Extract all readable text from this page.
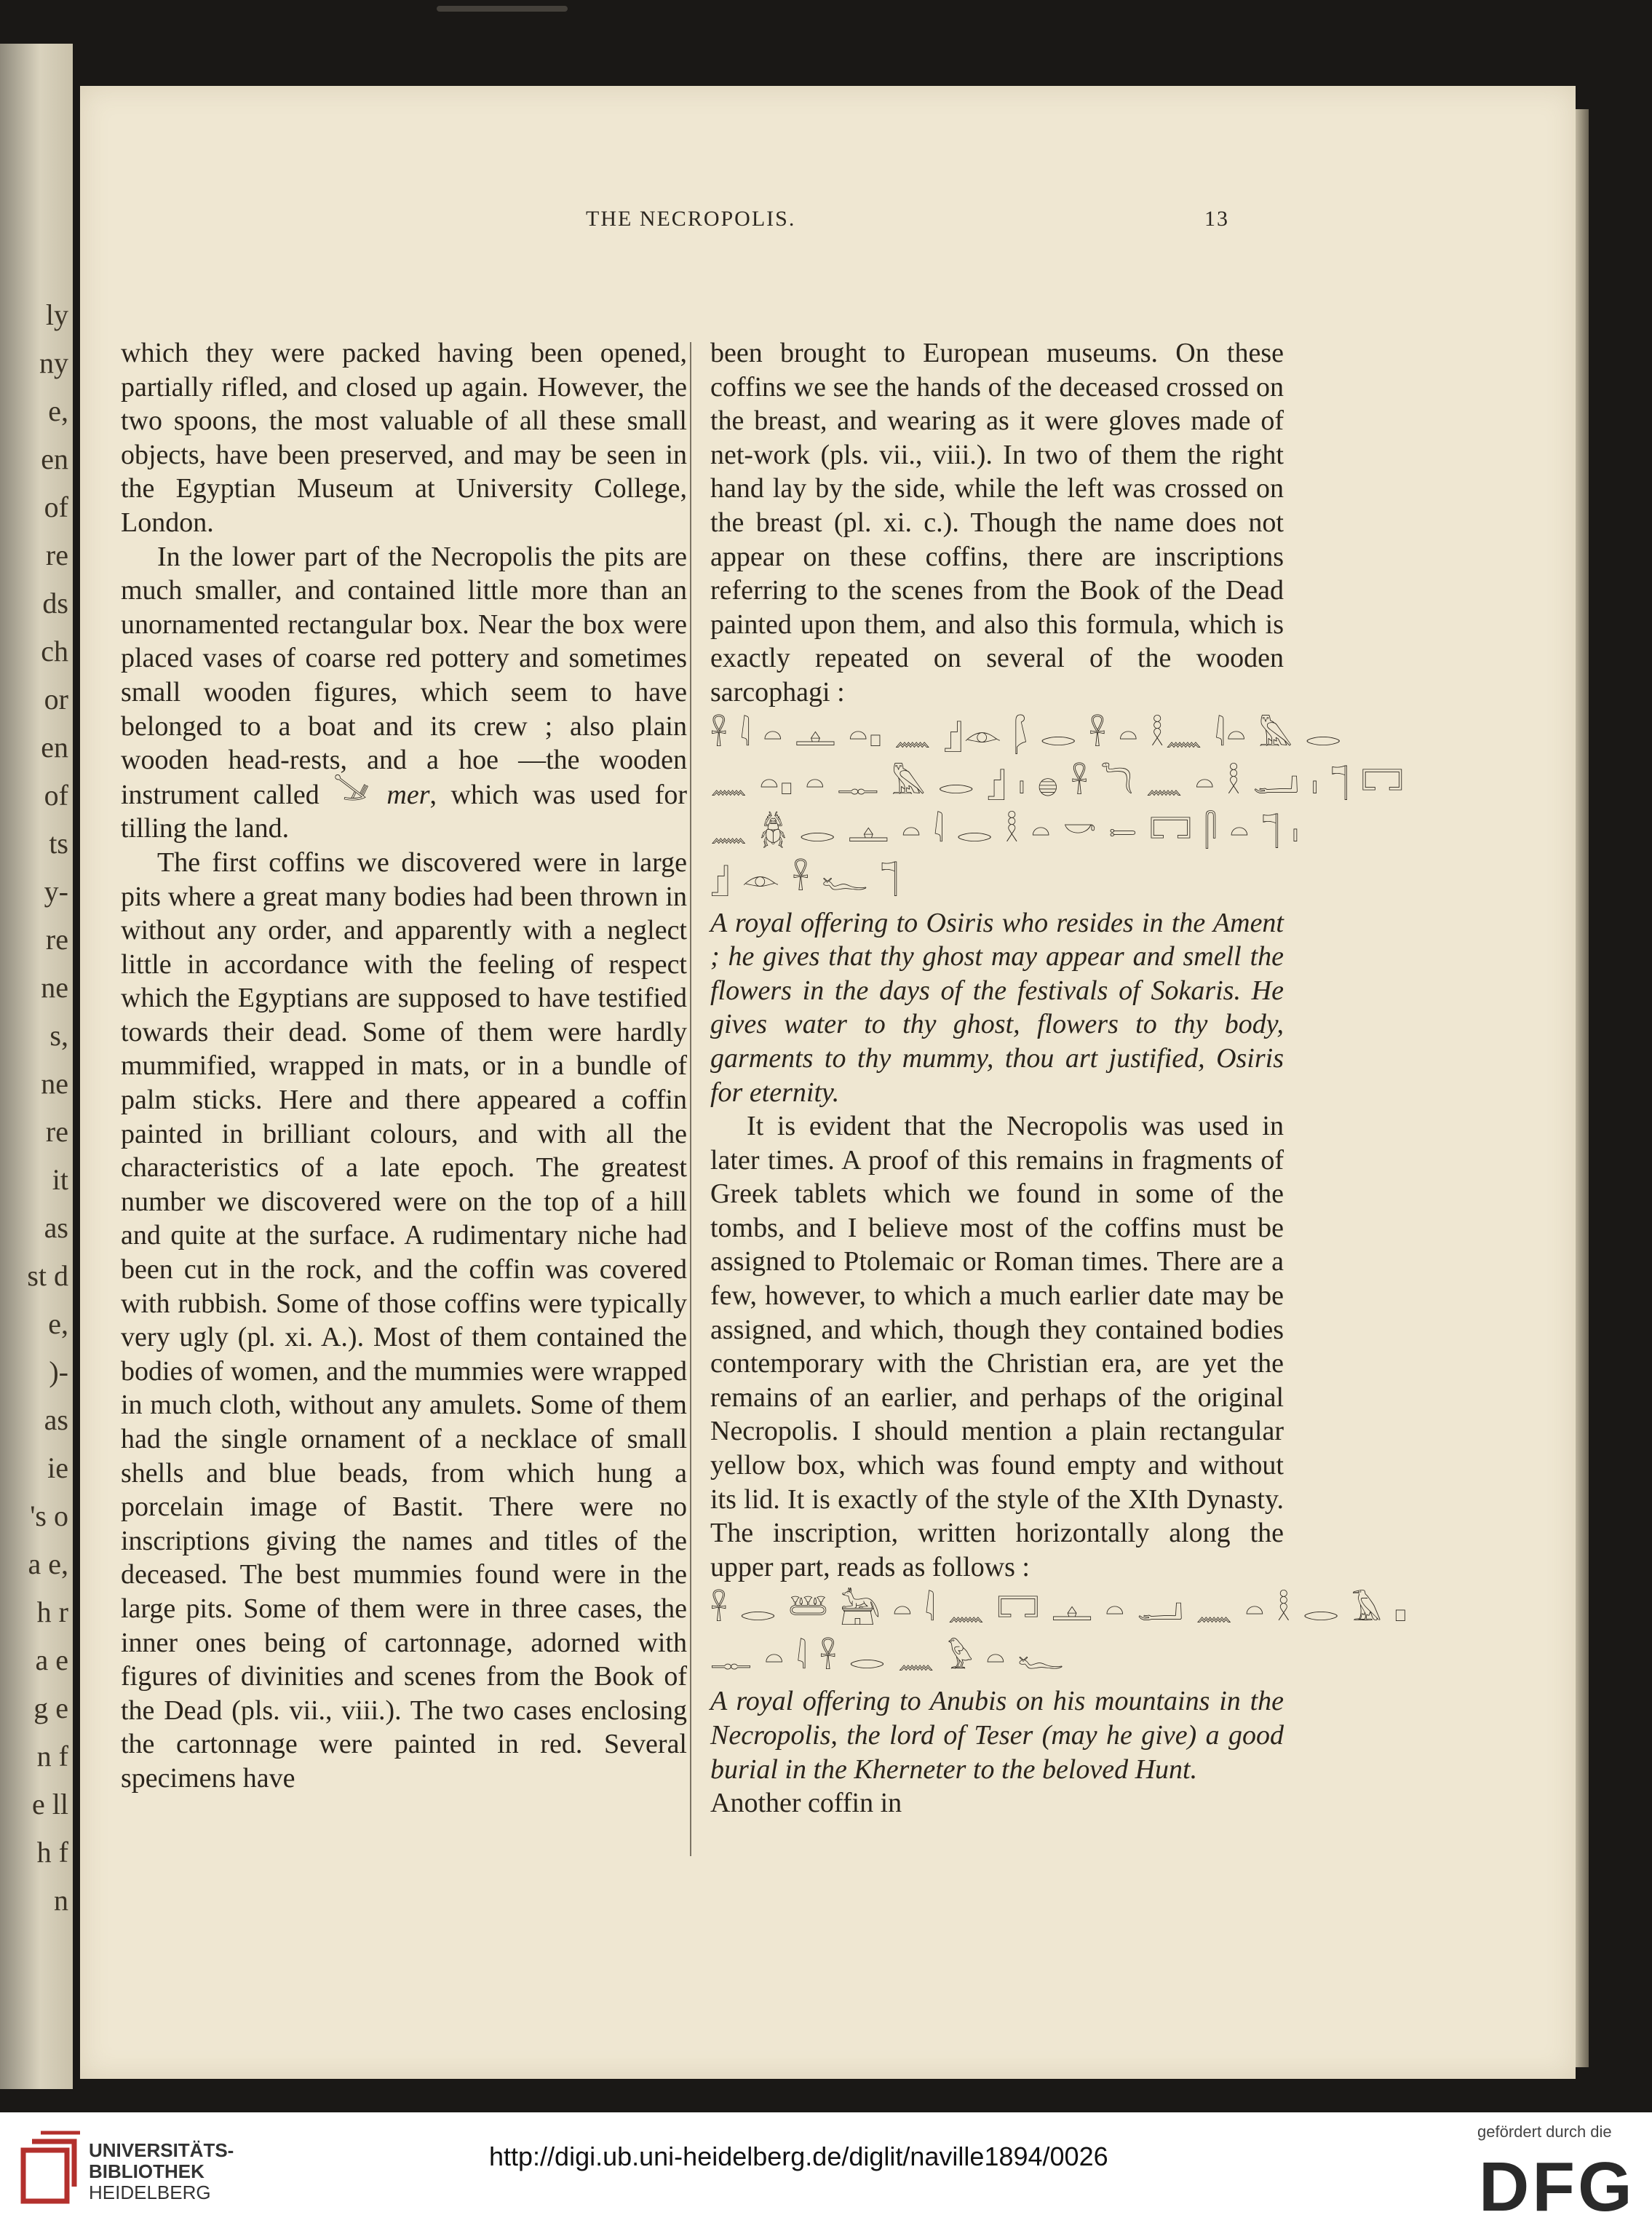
ly ny e, en of re ds ch or en of ts y- re ne s, ne re it as st d e, )- as ie 's o a e, h r a e g e n f e ll h f n
THE NECROPOLIS.	13

which they were packed having been opened, partially rifled, and closed up again. However, the two spoons, the most valuable of all these small objects, have been preserved, and may be seen in the Egyptian Museum at University College, London.

In the lower part of the Necropolis the pits are much smaller, and contained little more than an unornamented rectangular box. Near the box were placed vases of coarse red pottery and sometimes small wooden figures, which seem to have belonged to a boat and its crew ; also plain wooden head-rests, and a hoe —the wooden instrument called 𓍁 mer, which was used for tilling the land.

The first coffins we discovered were in large pits where a great many bodies had been thrown in without any order, and apparently with a neglect little in accordance with the feeling of respect which the Egyptians are supposed to have testified towards their dead. Some of them were hardly mummified, wrapped in mats, or in a bundle of palm sticks. Here and there appeared a coffin painted in brilliant colours, and with all the characteristics of a late epoch. The greatest number we discovered were on the top of a hill and quite at the surface. A rudimentary niche had been cut in the rock, and the coffin was covered with rubbish. Some of those coffins were typically very ugly (pl. xi. A.). Most of them contained the bodies of women, and the mummies were wrapped in much cloth, without any amulets. Some of them had the single ornament of a necklace of small shells and blue beads, from which hung a porcelain image of Bastit. There were no inscriptions giving the names and titles of the deceased. The best mummies found were in the large pits. Some of them were in three cases, the inner ones being of cartonnage, adorned with figures of divinities and scenes from the Book of the Dead (pls. vii., viii.). The two cases enclosing the cartonnage were painted in red. Several specimens have

been brought to European museums. On these coffins we see the hands of the deceased crossed on the breast, and wearing as it were gloves made of net-work (pls. vii., viii.). In two of them the right hand lay by the side, while the left was crossed on the breast (pl. xi. c.). Though the name does not appear on these coffins, there are inscriptions referring to the scenes from the Book of the Dead painted upon them, and also this formula, which is exactly repeated on several of the wooden sarcophagi :

𓋹 𓇋 𓏏 𓊵 𓏏𓊪 𓈖 𓊨𓁹 𓆄 𓂋 𓋹 𓏏 𓎛𓈖 𓇋𓏏 𓅓 𓂋
𓈖 𓏏𓊪 𓏏 𓊃 𓅓 𓂋 𓊨 𓏤 𓐍 𓋹 𓆓 𓈖 𓏏 𓎛 𓂝 𓏤 𓊹 𓉐
𓈖 𓆣 𓂋 𓊵 𓏏 𓇋 𓂋 𓎛 𓏏 𓎡 𓍿 𓉐 𓋴 𓏏 𓊹 𓏤
𓊨 𓁹 𓋹 𓆑 𓊹

A royal offering to Osiris who resides in the Ament ; he gives that thy ghost may appear and smell the flowers in the days of the festivals of Sokaris. He gives water to thy ghost, flowers to thy body, garments to thy mummy, thou art justified, Osiris for eternity.

It is evident that the Necropolis was used in later times. A proof of this remains in fragments of Greek tablets which we found in some of the tombs, and I believe most of the coffins must be assigned to Ptolemaic or Roman times. There are a few, however, to which a much earlier date may be assigned, and which, though they contained bodies contemporary with the Christian era, are yet the remains of an earlier, and perhaps of the original Necropolis. I should mention a plain rectangular yellow box, which was found empty and without its lid. It is exactly of the style of the XIth Dynasty. The inscription, written horizontally along the upper part, reads as follows :

𓋹 𓂋 𓆷 𓃣 𓏏 𓇋 𓈖 𓉐 𓊵 𓏏 𓂝 𓈖 𓏏 𓎛 𓂋 𓄿 𓊪
𓊃 𓏏 𓇋 𓋹 𓂋 𓈖 𓅱 𓏏 𓆑

A royal offering to Anubis on his mountains in the Necropolis, the lord of Teser (may he give) a good burial in the Kherneter to the beloved Hunt.

Another coffin in

UNIVERSITÄTS-
BIBLIOTHEK
HEIDELBERG
http://digi.ub.uni-heidelberg.de/diglit/naville1894/0026
gefördert durch die
DFG
